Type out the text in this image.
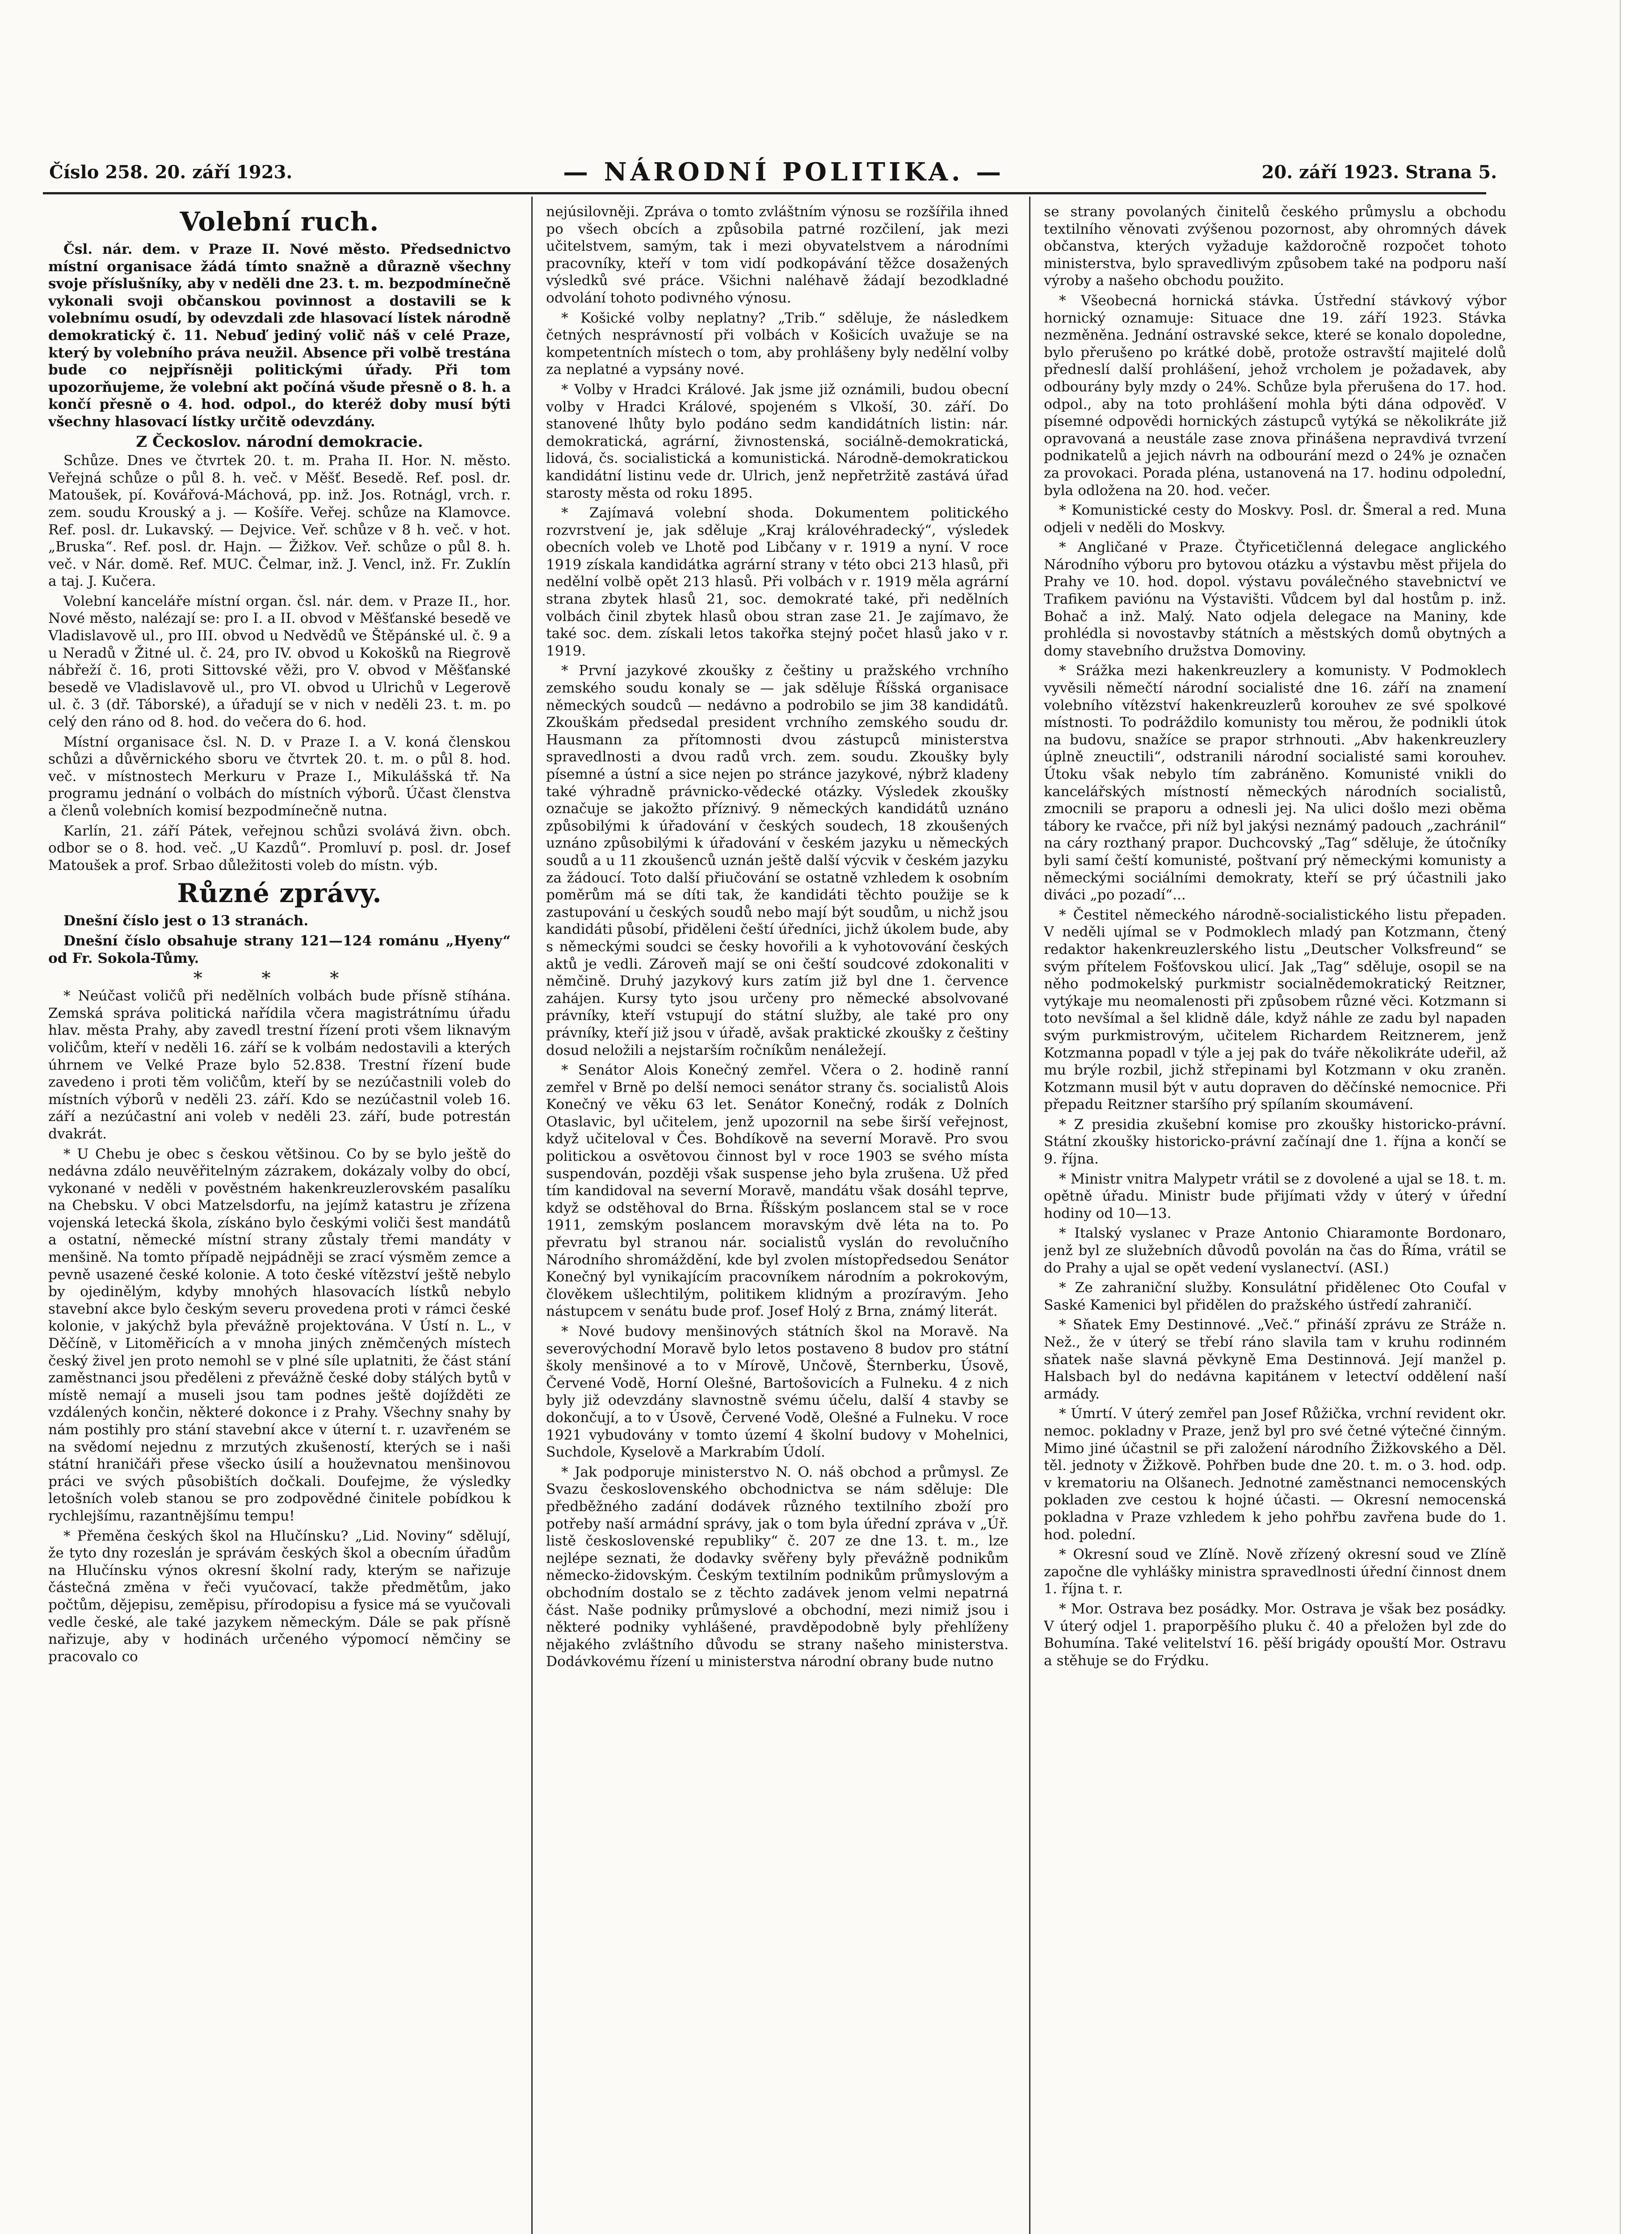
Číslo 258. 20. září 1923.	— NÁRODNÍ POLITIKA. —	20. září 1923. Strana 5.
Volební ruch.

Čsl. nár. dem. v Praze II. Nové město. Předsednictvo místní organisace žádá tímto snažně a důrazně všechny svoje příslušníky, aby v neděli dne 23. t. m. bezpodmínečně vykonali svoji občanskou povinnost a dostavili se k volebnímu osudí, by odevzdali zde hlasovací lístek národně demokratický č. 11. Nebuď jediný volič náš v celé Praze, který by volebního práva neužil. Absence při volbě trestána bude co nejpřísněji politickými úřady. Při tom upozorňujeme, že volební akt počíná všude přesně o 8. h. a končí přesně o 4. hod. odpol., do kteréž doby musí býti všechny hlasovací lístky určitě odevzdány.

Z Čeckoslov. národní demokracie.

Schůze. Dnes ve čtvrtek 20. t. m. Praha II. Hor. N. město. Veřejná schůze o půl 8. h. več. v Měšť. Besedě. Ref. posl. dr. Matoušek, pí. Kovářová-Máchová, pp. inž. Jos. Rotnágl, vrch. r. zem. soudu Krouský a j. — Košíře. Veřej. schůze na Klamovce. Ref. posl. dr. Lukavský. — Dejvice. Veř. schůze v 8 h. več. v hot. „Bruska“. Ref. posl. dr. Hajn. — Žižkov. Veř. schůze o půl 8. h. več. v Nár. domě. Ref. MUC. Čelmar, inž. J. Vencl, inž. Fr. Zuklín a taj. J. Kučera.

Volební kanceláře místní organ. čsl. nár. dem. v Praze II., hor. Nové město, nalézají se: pro I. a II. obvod v Měšťanské besedě ve Vladislavově ul., pro III. obvod u Nedvědů ve Štěpánské ul. č. 9 a u Neradů v Žitné ul. č. 24, pro IV. obvod u Kokošků na Riegrově nábřeží č. 16, proti Sittovské věži, pro V. obvod v Měšťanské besedě ve Vladislavově ul., pro VI. obvod u Ulrichů v Legerově ul. č. 3 (dř. Táborské), a úřadují se v nich v neděli 23. t. m. po celý den ráno od 8. hod. do večera do 6. hod.

Místní organisace čsl. N. D. v Praze I. a V. koná členskou schůzi a důvěrnického sboru ve čtvrtek 20. t. m. o půl 8. hod. več. v místnostech Merkuru v Praze I., Mikulášská tř. Na programu jednání o volbách do místních výborů. Účast členstva a členů volebních komisí bezpodmínečně nutna.

Karlín, 21. září Pátek, veřejnou schůzi svolává živn. obch. odbor se o 8. hod. več. „U Kazdů“. Promluví p. posl. dr. Josef Matoušek a prof. Srbao důležitosti voleb do místn. výb.

Různé zprávy.

Dnešní číslo jest o 13 stranách.

Dnešní číslo obsahuje strany 121—124 románu „Hyeny“ od Fr. Sokola-Tůmy.

* * *

* Neúčast voličů při nedělních volbách bude přísně stíhána. Zemská správa politická nařídila včera magistrátnímu úřadu hlav. města Prahy, aby zavedl trestní řízení proti všem liknavým voličům, kteří v neděli 16. září se k volbám nedostavili a kterých úhrnem ve Velké Praze bylo 52.838. Trestní řízení bude zavedeno i proti těm voličům, kteří by se nezúčastnili voleb do místních výborů v neděli 23. září. Kdo se nezúčastnil voleb 16. září a nezúčastní ani voleb v neděli 23. září, bude potrestán dvakrát.

* U Chebu je obec s českou většinou. Co by se bylo ještě do nedávna zdálo neuvěřitelným zázrakem, dokázaly volby do obcí, vykonané v neděli v pověstném hakenkreuzlerovském pasalíku na Chebsku. V obci Matzelsdorfu, na jejímž katastru je zřízena vojenská letecká škola, získáno bylo českými voliči šest mandátů a ostatní, německé místní strany zůstaly třemi mandáty v menšině. Na tomto případě nejpádněji se zrací výsměm zemce a pevně usazené české kolonie. A toto české vítězství ještě nebylo by ojedinělým, kdyby mnohých hlasovacích lístků nebylo stavební akce bylo českým severu provedena proti v rámci české kolonie, v jakýchž byla převážně projektována. V Ústí n. L., v Děčíně, v Litoměřicích a v mnoha jiných zněmčených místech český živel jen proto nemohl se v plné síle uplatniti, že část stání zaměstnanci jsou předěleni z převážně české doby stálých bytů v místě nemají a museli jsou tam podnes ještě dojížděti ze vzdálených končin, některé dokonce i z Prahy. Všechny snahy by nám postihly pro stání stavební akce v úterní t. r. uzavřeném se na svědomí nejednu z mrzutých zkušeností, kterých se i naši státní hraničáři přese všecko úsilí a houževnatou menšinovou práci ve svých působištích dočkali. Doufejme, že výsledky letošních voleb stanou se pro zodpovědné činitele pobídkou k rychlejšímu, razantnějšímu tempu!

* Přeměna českých škol na Hlučínsku? „Lid. Noviny“ sdělují, že tyto dny rozeslán je správám českých škol a obecním úřadům na Hlučínsku výnos okresní školní rady, kterým se nařizuje částečná změna v řeči vyučovací, takže předmětům, jako počtům, dějepisu, zeměpisu, přírodopisu a fysice má se vyučovali vedle české, ale také jazykem německým. Dále se pak přísně nařizuje, aby v hodinách určeného výpomocí němčiny se pracovalo co

nejúsilovněji. Zpráva o tomto zvláštním výnosu se rozšířila ihned po všech obcích a způsobila patrné rozčilení, jak mezi učitelstvem, samým, tak i mezi obyvatelstvem a národními pracovníky, kteří v tom vidí podkopávání těžce dosažených výsledků své práce. Všichni naléhavě žádají bezodkladné odvolání tohoto podivného výnosu.

* Košické volby neplatny? „Trib.“ sděluje, že následkem četných nesprávností při volbách v Košicích uvažuje se na kompetentních místech o tom, aby prohlášeny byly nedělní volby za neplatné a vypsány nové.

* Volby v Hradci Králové. Jak jsme již oznámili, budou obecní volby v Hradci Králové, spojeném s Vlkoší, 30. září. Do stanovené lhůty bylo podáno sedm kandidátních listin: nár. demokratická, agrární, živnostenská, sociálně-demokratická, lidová, čs. socialistická a komunistická. Národně-demokratickou kandidátní listinu vede dr. Ulrich, jenž nepřetržitě zastává úřad starosty města od roku 1895.

* Zajímavá volební shoda. Dokumentem politického rozvrstvení je, jak sděluje „Kraj královéhradecký“, výsledek obecních voleb ve Lhotě pod Libčany v r. 1919 a nyní. V roce 1919 získala kandidátka agrární strany v této obci 213 hlasů, při nedělní volbě opět 213 hlasů. Při volbách v r. 1919 měla agrární strana zbytek hlasů 21, soc. demokraté také, při nedělních volbách činil zbytek hlasů obou stran zase 21. Je zajímavo, že také soc. dem. získali letos takořka stejný počet hlasů jako v r. 1919.

* První jazykové zkoušky z češtiny u pražského vrchního zemského soudu konaly se — jak sděluje Říšská organisace německých soudců — nedávno a podrobilo se jim 38 kandidátů. Zkouškám předsedal president vrchního zemského soudu dr. Hausmann za přítomnosti dvou zástupců ministerstva spravedlnosti a dvou radů vrch. zem. soudu. Zkoušky byly písemné a ústní a sice nejen po stránce jazykové, nýbrž kladeny také výhradně právnicko-vědecké otázky. Výsledek zkoušky označuje se jakožto příznivý. 9 německých kandidátů uznáno způsobilými k úřadování v českých soudech, 18 zkoušených uznáno způsobilými k úřadování v českém jazyku u německých soudů a u 11 zkoušenců uznán ještě další výcvik v českém jazyku za žádoucí. Toto další přiučování se ostatně vzhledem k osobním poměrům má se díti tak, že kandidáti těchto použije se k zastupování u českých soudů nebo mají být soudům, u nichž jsou kandidáti působí, přiděleni čeští úředníci, jichž úkolem bude, aby s německými soudci se česky hovořili a k vyhotovování českých aktů je vedli. Zároveň mají se oni čeští soudcové zdokonaliti v němčině. Druhý jazykový kurs zatím již byl dne 1. července zahájen. Kursy tyto jsou určeny pro německé absolvované právníky, kteří vstupují do státní služby, ale také pro ony právníky, kteří již jsou v úřadě, avšak praktické zkoušky z češtiny dosud neložili a nejstarším ročníkům nenáležejí.

* Senátor Alois Konečný zemřel. Včera o 2. hodině ranní zemřel v Brně po delší nemoci senátor strany čs. socialistů Alois Konečný ve věku 63 let. Senátor Konečný, rodák z Dolních Otaslavic, byl učitelem, jenž upozornil na sebe širší veřejnost, když učiteloval v Čes. Bohdíkově na severní Moravě. Pro svou politickou a osvětovou činnost byl v roce 1903 se svého místa suspendován, později však suspense jeho byla zrušena. Už před tím kandidoval na severní Moravě, mandátu však dosáhl teprve, když se odstěhoval do Brna. Říšským poslancem stal se v roce 1911, zemským poslancem moravským dvě léta na to. Po převratu byl stranou nár. socialistů vyslán do revolučního Národního shromáždění, kde byl zvolen místopředsedou Senátor Konečný byl vynikajícím pracovníkem národním a pokrokovým, člověkem ušlechtilým, politikem klidným a prozíravým. Jeho nástupcem v senátu bude prof. Josef Holý z Brna, známý literát.

* Nové budovy menšinových státních škol na Moravě. Na severovýchodní Moravě bylo letos postaveno 8 budov pro státní školy menšinové a to v Mírově, Unčově, Šternberku, Úsově, Červené Vodě, Horní Olešné, Bartošovicích a Fulneku. 4 z nich byly již odevzdány slavnostně svému účelu, další 4 stavby se dokončují, a to v Úsově, Červené Vodě, Olešné a Fulneku. V roce 1921 vybudovány v tomto území 4 školní budovy v Mohelnici, Suchdole, Kyselově a Markrabím Údolí.

* Jak podporuje ministerstvo N. O. náš obchod a průmysl. Ze Svazu československého obchodnictva se nám sděluje: Dle předběžného zadání dodávek různého textilního zboží pro potřeby naší armádní správy, jak o tom byla úřední zpráva v „Úř. listě československé republiky“ č. 207 ze dne 13. t. m., lze nejlépe seznati, že dodavky svěřeny byly převážně podnikům německo-židovským. Českým textilním podnikům průmyslovým a obchodním dostalo se z těchto zadávek jenom velmi nepatrná část. Naše podniky průmyslové a obchodní, mezi nimiž jsou i některé podniky vyhlášené, pravděpodobně byly přehlíženy nějakého zvláštního důvodu se strany našeho ministerstva. Dodávkovému řízení u ministerstva národní obrany bude nutno

se strany povolaných činitelů českého průmyslu a obchodu textilního věnovati zvýšenou pozornost, aby ohromných dávek občanstva, kterých vyžaduje každoročně rozpočet tohoto ministerstva, bylo spravedlivým způsobem také na podporu naší výroby a našeho obchodu použito.

* Všeobecná hornická stávka. Ústřední stávkový výbor hornický oznamuje: Situace dne 19. září 1923. Stávka nezměněna. Jednání ostravské sekce, které se konalo dopoledne, bylo přerušeno po krátké době, protože ostravští majitelé dolů předneslí další prohlášení, jehož vrcholem je požadavek, aby odbourány byly mzdy o 24%. Schůze byla přerušena do 17. hod. odpol., aby na toto prohlášení mohla býti dána odpověď. V písemné odpovědi hornických zástupců vytýká se několikráte již opravovaná a neustále zase znova přinášena nepravdivá tvrzení podnikatelů a jejich návrh na odbourání mezd o 24% je označen za provokaci. Porada pléna, ustanovená na 17. hodinu odpolední, byla odložena na 20. hod. večer.

* Komunistické cesty do Moskvy. Posl. dr. Šmeral a red. Muna odjeli v neděli do Moskvy.

* Angličané v Praze. Čtyřicetičlenná delegace anglického Národního výboru pro bytovou otázku a výstavbu měst přijela do Prahy ve 10. hod. dopol. výstavu poválečného stavebnictví ve Trafikem paviónu na Výstavišti. Vůdcem byl dal hostům p. inž. Bohač a inž. Malý. Nato odjela delegace na Maniny, kde prohlédla si novostavby státních a městských domů obytných a domy stavebního družstva Domoviny.

* Srážka mezi hakenkreuzlery a komunisty. V Podmoklech vyvěsili němečtí národní socialisté dne 16. září na znamení volebního vítězství hakenkreuzlerů korouhev ze své spolkové místnosti. To podráždilo komunisty tou měrou, že podnikli útok na budovu, snažíce se prapor strhnouti. „Abv hakenkreuzlery úplně zneuctili“, odstranili národní socialisté sami korouhev. Útoku však nebylo tím zabráněno. Komunisté vnikli do kancelářských místností německých národních socialistů, zmocnili se praporu a odnesli jej. Na ulici došlo mezi oběma tábory ke rvačce, při níž byl jakýsi neznámý padouch „zachránil“ na cáry rozthaný prapor. Duchcovský „Tag“ sděluje, že útočníky byli samí čeští komunisté, poštvaní prý německými komunisty a německými sociálními demokraty, kteří se prý účastnili jako diváci „po pozadí“...

* Čestitel německého národně-socialistického listu přepaden. V neděli ujímal se v Podmoklech mladý pan Kotzmann, čtený redaktor hakenkreuzlerského listu „Deutscher Volksfreund“ se svým přítelem Fošťovskou ulicí. Jak „Tag“ sděluje, osopil se na něho podmokelský purkmistr socialnědemokratický Reitzner, vytýkaje mu neomalenosti při způsobem různé věci. Kotzmann si toto nevšímal a šel klidně dále, když náhle ze zadu byl napaden svým purkmistrovým, učitelem Richardem Reitznerem, jenž Kotzmanna popadl v týle a jej pak do tváře několikráte udeřil, až mu brýle rozbil, jichž střepinami byl Kotzmann v oku zraněn. Kotzmann musil být v autu dopraven do děčínské nemocnice. Při přepadu Reitzner staršího prý spílaním skoumávení.

* Z presidia zkušební komise pro zkoušky historicko-právní. Státní zkoušky historicko-právní začínají dne 1. října a končí se 9. října.

* Ministr vnitra Malypetr vrátil se z dovolené a ujal se 18. t. m. opětně úřadu. Ministr bude přijímati vždy v úterý v úřední hodiny od 10—13.

* Italský vyslanec v Praze Antonio Chiaramonte Bordonaro, jenž byl ze služebních důvodů povolán na čas do Říma, vrátil se do Prahy a ujal se opět vedení vyslanectví. (ASI.)

* Ze zahraniční služby. Konsulátní přidělenec Oto Coufal v Saské Kamenici byl přidělen do pražského ústředí zahraničí.

* Sňatek Emy Destinnové. „Več.“ přináší zprávu ze Stráže n. Než., že v úterý se třebí ráno slavila tam v kruhu rodinném sňatek naše slavná pěvkyně Ema Destinnová. Její manžel p. Halsbach byl do nedávna kapitánem v letectví oddělení naší armády.

* Úmrtí. V úterý zemřel pan Josef Růžička, vrchní revident okr. nemoc. pokladny v Praze, jenž byl pro své četné výtečné činným. Mimo jiné účastnil se při založení národního Žižkovského a Děl. těl. jednoty v Žižkově. Pohřben bude dne 20. t. m. o 3. hod. odp. v krematoriu na Olšanech. Jednotné zaměstnanci nemocenských pokladen zve cestou k hojné účasti. — Okresní nemocenská pokladna v Praze vzhledem k jeho pohřbu zavřena bude do 1. hod. polední.

* Okresní soud ve Zlíně. Nově zřízený okresní soud ve Zlíně započne dle vyhlášky ministra spravedlnosti úřední činnost dnem 1. října t. r.

* Mor. Ostrava bez posádky. Mor. Ostrava je však bez posádky. V úterý odjel 1. praporpěšího pluku č. 40 a přeložen byl zde do Bohumína. Také velitelství 16. pěší brigády opouští Mor. Ostravu a stěhuje se do Frýdku.
